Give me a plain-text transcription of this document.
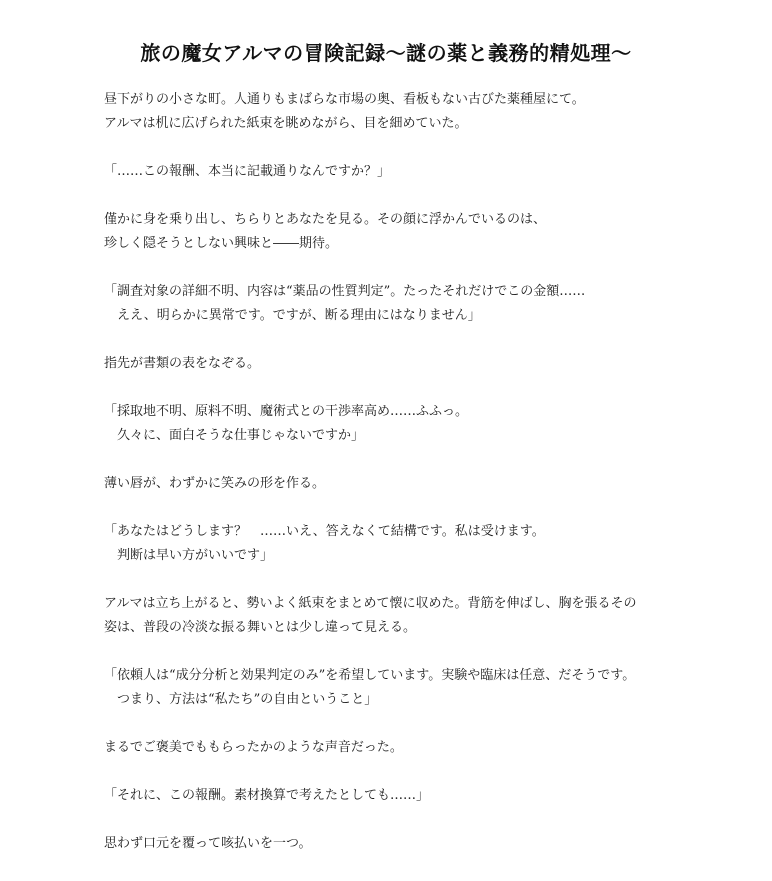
旅の魔女アルマの冒険記録〜謎の薬と義務的精処理〜

昼下がりの小さな町。人通りもまばらな市場の奥、看板もない古びた薬種屋にて。
アルマは机に広げられた紙束を眺めながら、目を細めていた。

「……この報酬、本当に記載通りなんですか？」

僅かに身を乗り出し、ちらりとあなたを見る。その顔に浮かんでいるのは、
珍しく隠そうとしない興味と――期待。

「調査対象の詳細不明、内容は“薬品の性質判定”。たったそれだけでこの金額……
　ええ、明らかに異常です。ですが、断る理由にはなりません」

指先が書類の表をなぞる。

「採取地不明、原料不明、魔術式との干渉率高め……ふふっ。
　久々に、面白そうな仕事じゃないですか」

薄い唇が、わずかに笑みの形を作る。

「あなたはどうします？　……いえ、答えなくて結構です。私は受けます。
　判断は早い方がいいです」

アルマは立ち上がると、勢いよく紙束をまとめて懐に収めた。背筋を伸ばし、胸を張るその
姿は、普段の冷淡な振る舞いとは少し違って見える。

「依頼人は“成分分析と効果判定のみ”を希望しています。実験や臨床は任意、だそうです。
　つまり、方法は“私たち”の自由ということ」

まるでご褒美でももらったかのような声音だった。

「それに、この報酬。素材換算で考えたとしても……」

思わず口元を覆って咳払いを一つ。
